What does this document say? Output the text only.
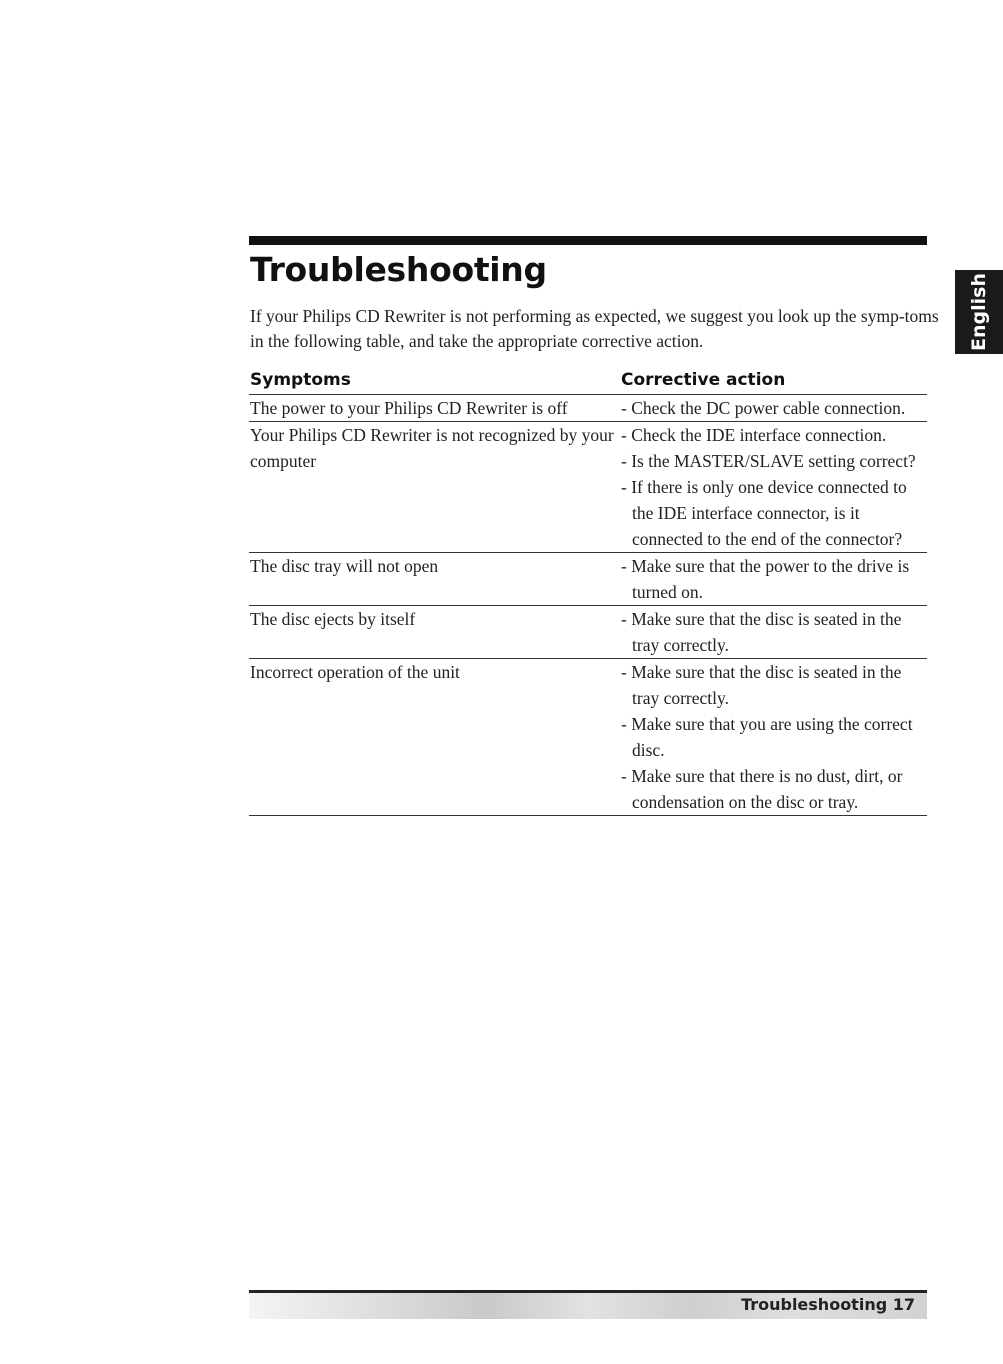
Troubleshooting
English

If your Philips CD Rewriter is not performing as expected, we suggest you look up the symp-toms in the following table, and take the appropriate corrective action.

Symptoms	Corrective action
The power to your Philips CD Rewriter is off	- Check the DC power cable connection.
Your Philips CD Rewriter is not recognized by your computer
- Check the IDE interface connection.
- Is the MASTER/SLAVE setting correct?
- If there is only one device connected to the IDE interface connector, is it connected to the end of the connector?
The disc tray will not open	- Make sure that the power to the drive is turned on.
The disc ejects by itself	- Make sure that the disc is seated in the tray correctly.
Incorrect operation of the unit	- Make sure that the disc is seated in the tray correctly.
- Make sure that you are using the correct disc.
- Make sure that there is no dust, dirt, or condensation on the disc or tray.
Troubleshooting 17
